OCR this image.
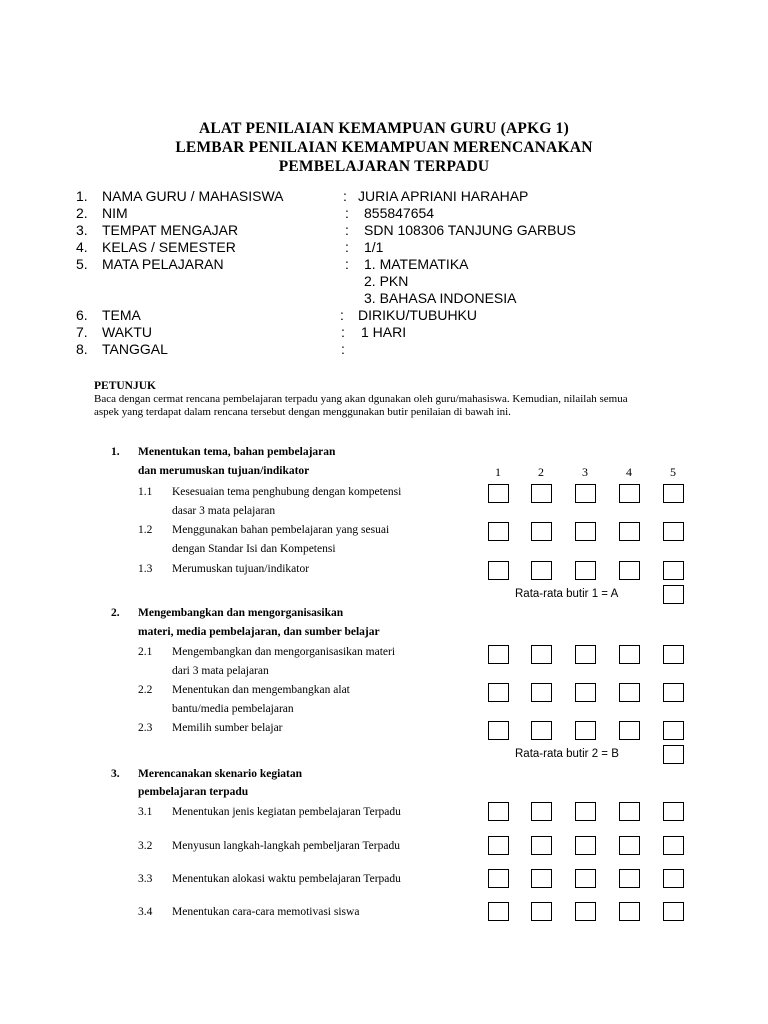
ALAT PENILAIAN KEMAMPUAN GURU (APKG 1)
LEMBAR PENILAIAN KEMAMPUAN MERENCANAKAN
PEMBELAJARAN TERPADU
1. NAMA GURU / MAHASISWA	: JURIA APRIANI HARAHAP
2. NIM	: 855847654
3. TEMPAT MENGAJAR	: SDN 108306 TANJUNG GARBUS
4. KELAS / SEMESTER	: 1/1
5. MATA PELAJARAN	: 1. MATEMATIKA
2. PKN
3. BAHASA INDONESIA
6. TEMA	: DIRIKU/TUBUHKU
7. WAKTU	: 1 HARI
8. TANGGAL	:
PETUNJUK
Baca dengan cermat rencana pembelajaran terpadu yang akan dgunakan oleh guru/mahasiswa. Kemudian, nilailah semua
aspek yang terdapat dalam rencana tersebut dengan menggunakan butir penilaian di bawah ini.
1	2	3	4	5
1. Menentukan tema, bahan pembelajaran
dan merumuskan tujuan/indikator
1.1 Kesesuaian tema penghubung dengan kompetensi
dasar 3 mata pelajaran
1.2 Menggunakan bahan pembelajaran yang sesuai
dengan Standar Isi dan Kompetensi
1.3 Merumuskan tujuan/indikator
Rata-rata butir 1 = A
2. Mengembangkan dan mengorganisasikan
materi, media pembelajaran, dan sumber belajar
2.1 Mengembangkan dan mengorganisasikan materi
dari 3 mata pelajaran
2.2 Menentukan dan mengembangkan alat
bantu/media pembelajaran
2.3 Memilih sumber belajar
Rata-rata butir 2 = B
3. Merencanakan skenario kegiatan
pembelajaran terpadu
3.1 Menentukan jenis kegiatan pembelajaran Terpadu
3.2 Menyusun langkah-langkah pembeljaran Terpadu
3.3 Menentukan alokasi waktu pembelajaran Terpadu
3.4 Menentukan cara-cara memotivasi siswa
